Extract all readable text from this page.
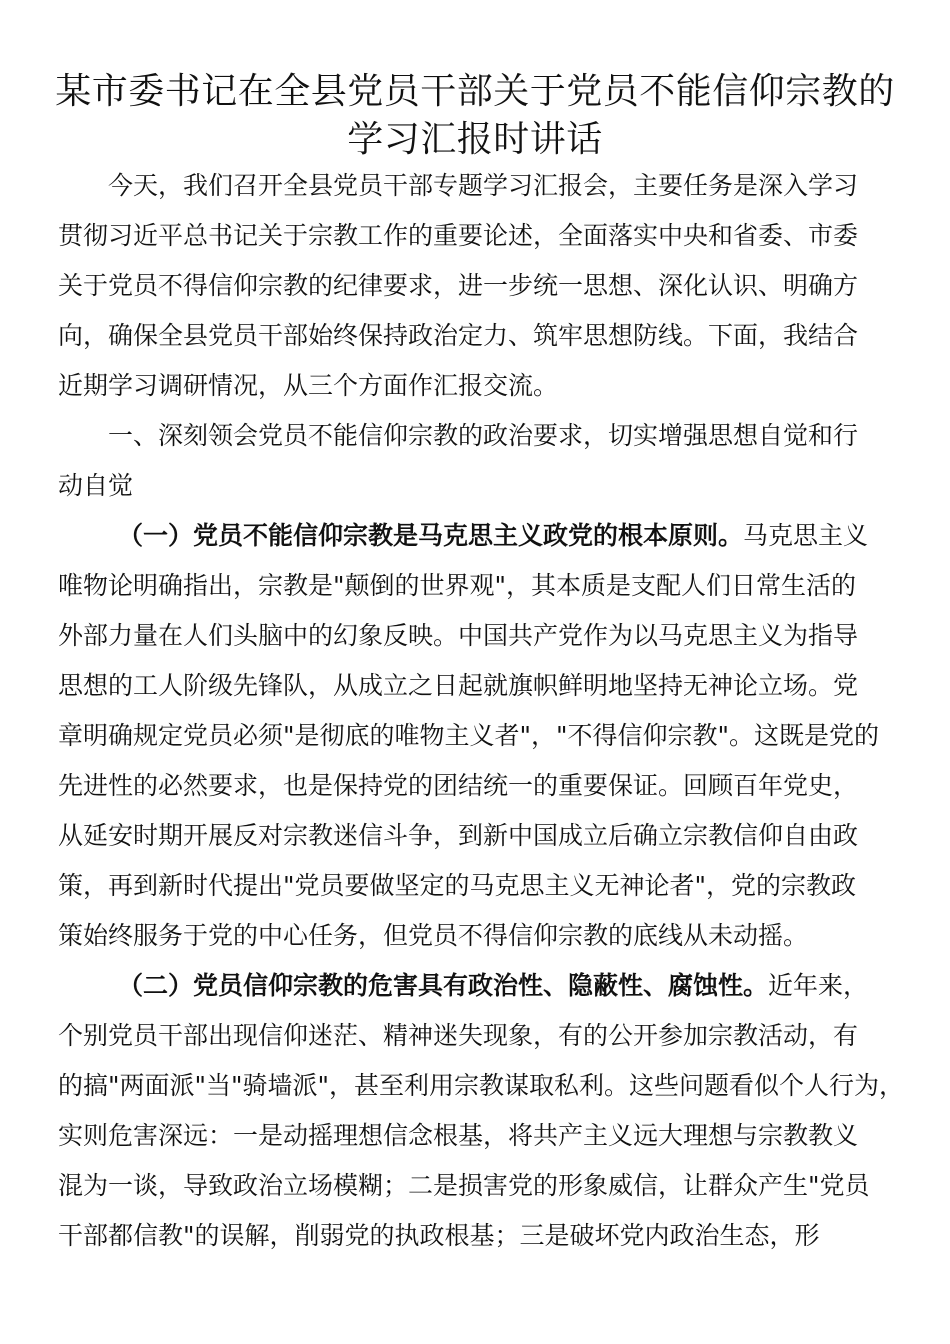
某市委书记在全县党员干部关于党员不能信仰宗教的
学习汇报时讲话

今天，我们召开全县党员干部专题学习汇报会，主要任务是深入学习

贯彻习近平总书记关于宗教工作的重要论述，全面落实中央和省委、市委

关于党员不得信仰宗教的纪律要求，进一步统一思想、深化认识、明确方

向，确保全县党员干部始终保持政治定力、筑牢思想防线。下面，我结合

近期学习调研情况，从三个方面作汇报交流。

一、深刻领会党员不能信仰宗教的政治要求，切实增强思想自觉和行

动自觉

（一）党员不能信仰宗教是马克思主义政党的根本原则。马克思主义

唯物论明确指出，宗教是"颠倒的世界观"，其本质是支配人们日常生活的

外部力量在人们头脑中的幻象反映。中国共产党作为以马克思主义为指导

思想的工人阶级先锋队，从成立之日起就旗帜鲜明地坚持无神论立场。党

章明确规定党员必须"是彻底的唯物主义者"，"不得信仰宗教"。这既是党的

先进性的必然要求，也是保持党的团结统一的重要保证。回顾百年党史，

从延安时期开展反对宗教迷信斗争，到新中国成立后确立宗教信仰自由政

策，再到新时代提出"党员要做坚定的马克思主义无神论者"，党的宗教政

策始终服务于党的中心任务，但党员不得信仰宗教的底线从未动摇。

（二）党员信仰宗教的危害具有政治性、隐蔽性、腐蚀性。近年来，

个别党员干部出现信仰迷茫、精神迷失现象，有的公开参加宗教活动，有

的搞"两面派"当"骑墙派"，甚至利用宗教谋取私利。这些问题看似个人行为，

实则危害深远：一是动摇理想信念根基，将共产主义远大理想与宗教教义

混为一谈，导致政治立场模糊；二是损害党的形象威信，让群众产生"党员

干部都信教"的误解，削弱党的执政根基；三是破坏党内政治生态，形
